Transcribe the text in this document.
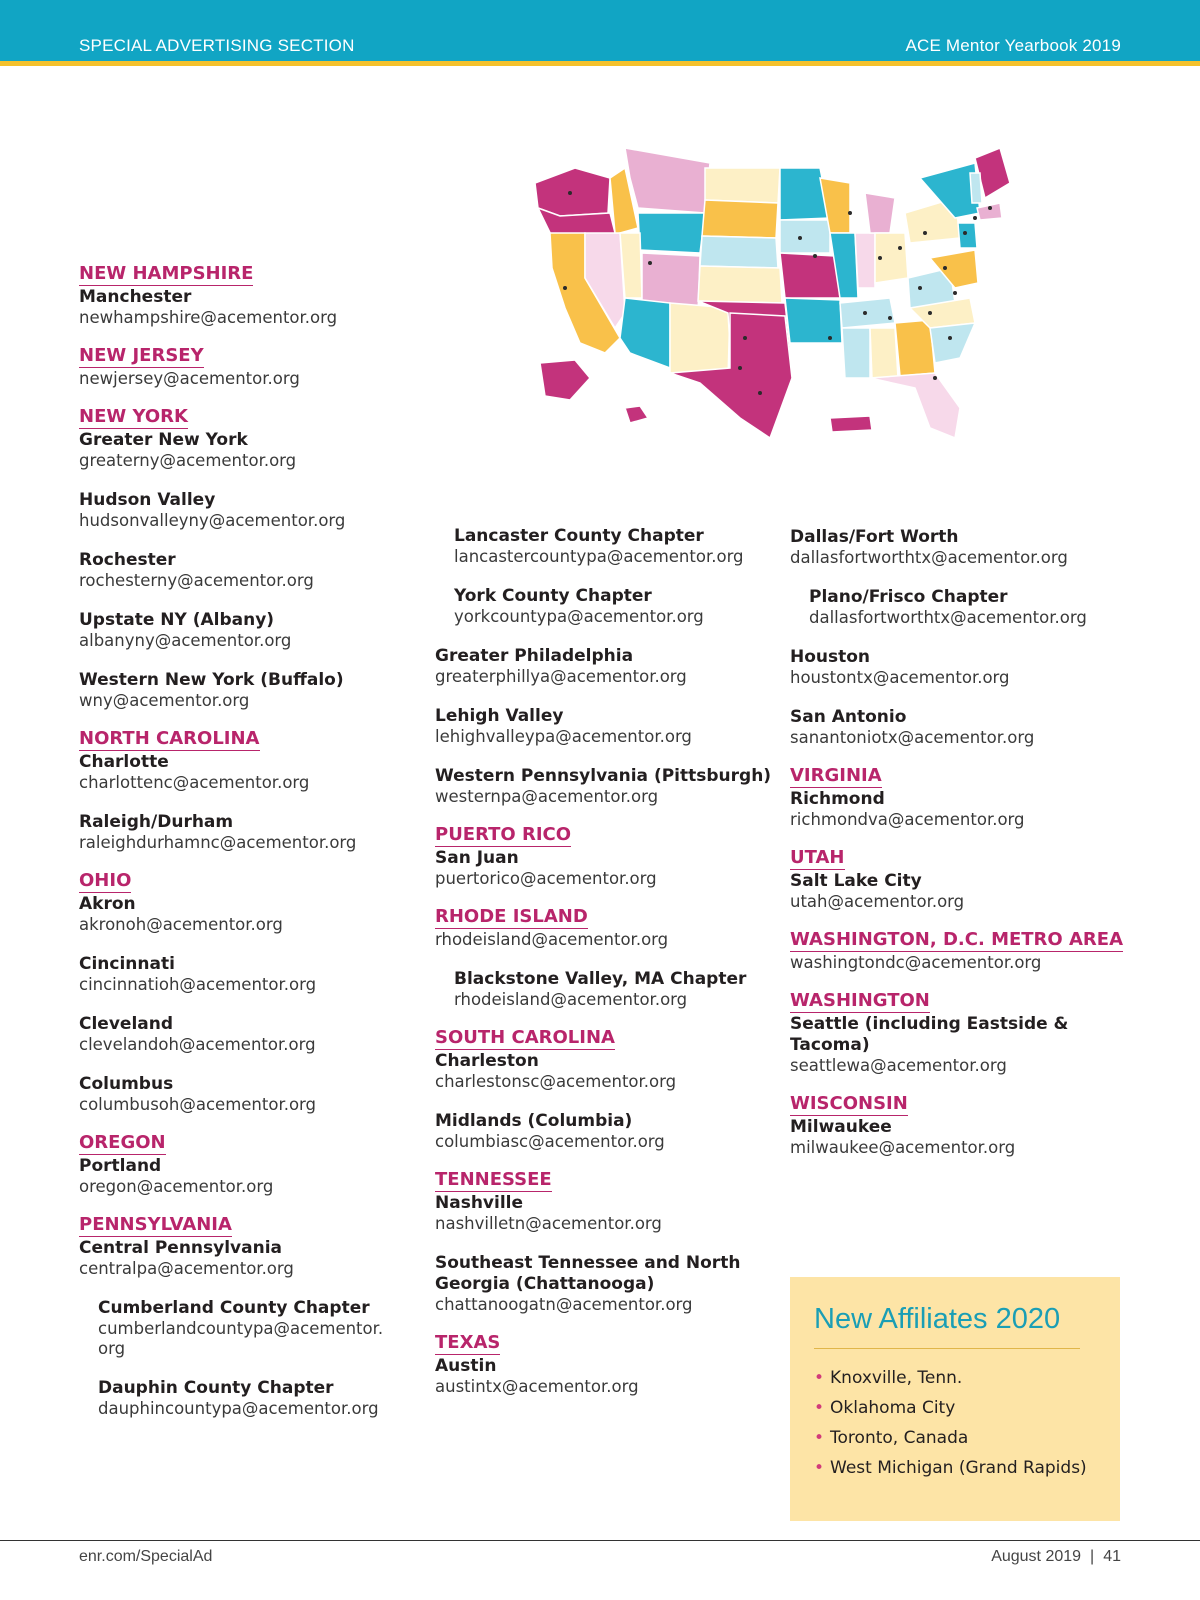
SPECIAL ADVERTISING SECTION	ACE Mentor Yearbook 2019
NEW HAMPSHIRE
Manchester
newhampshire@acementor.org
NEW JERSEY
newjersey@acementor.org
NEW YORK
Greater New York
greaterny@acementor.org
Hudson Valley
hudsonvalleyny@acementor.org
Rochester
rochesterny@acementor.org
Upstate NY (Albany)
albanyny@acementor.org
Western New York (Buffalo)
wny@acementor.org
NORTH CAROLINA
Charlotte
charlottenc@acementor.org
Raleigh/Durham
raleighdurhamnc@acementor.org
OHIO
Akron
akronoh@acementor.org
Cincinnati
cincinnatioh@acementor.org
Cleveland
clevelandoh@acementor.org
Columbus
columbusoh@acementor.org
OREGON
Portland
oregon@acementor.org
PENNSYLVANIA
Central Pennsylvania
centralpa@acementor.org
Cumberland County Chapter
cumberlandcountypa@acementor.
org
Dauphin County Chapter
dauphincountypa@acementor.org
Lancaster County Chapter
lancastercountypa@acementor.org
York County Chapter
yorkcountypa@acementor.org
Greater Philadelphia
greaterphillya@acementor.org
Lehigh Valley
lehighvalleypa@acementor.org
Western Pennsylvania (Pittsburgh)
westernpa@acementor.org
PUERTO RICO
San Juan
puertorico@acementor.org
RHODE ISLAND
rhodeisland@acementor.org
Blackstone Valley, MA Chapter
rhodeisland@acementor.org
SOUTH CAROLINA
Charleston
charlestonsc@acementor.org
Midlands (Columbia)
columbiasc@acementor.org
TENNESSEE
Nashville
nashvilletn@acementor.org
Southeast Tennessee and North Georgia (Chattanooga)
chattanoogatn@acementor.org
TEXAS
Austin
austintx@acementor.org
Dallas/Fort Worth
dallasfortworthtx@acementor.org
Plano/Frisco Chapter
dallasfortworthtx@acementor.org
Houston
houstontx@acementor.org
San Antonio
sanantoniotx@acementor.org
VIRGINIA
Richmond
richmondva@acementor.org
UTAH
Salt Lake City
utah@acementor.org
WASHINGTON, D.C. METRO AREA
washingtondc@acementor.org
WASHINGTON
Seattle (including Eastside & Tacoma)
seattlewa@acementor.org
WISCONSIN
Milwaukee
milwaukee@acementor.org
New Affiliates 2020
• Knoxville, Tenn.
• Oklahoma City
• Toronto, Canada
• West Michigan (Grand Rapids)
enr.com/SpecialAd	August 2019 | 41
